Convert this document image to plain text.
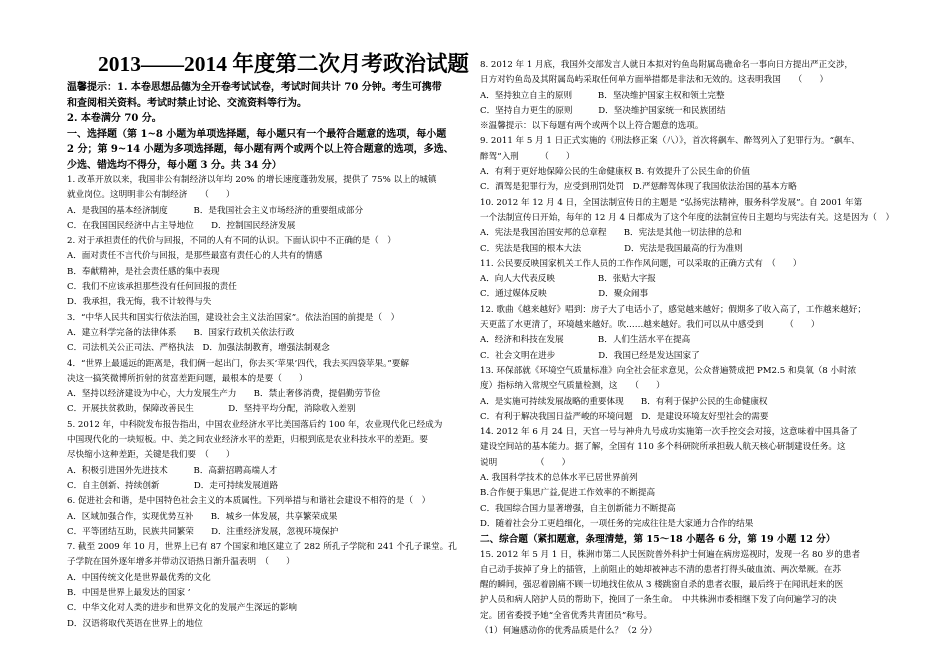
2013——2014 年度第二次月考政治试题
温馨提示：1. 本卷思想品德为全开卷考试试卷，考试时间共计 70 分钟。考生可携带
和查阅相关资料。考试时禁止讨论、交流资料等行为。
2. 本卷满分 70 分。
一、选择题（第 1~8 小题为单项选择题，每小题只有一个最符合题意的选项，每小题
2 分；第 9~14 小题为多项选择题，每小题有两个或两个以上符合题意的选项，多选、
少选、错选均不得分，每小题 3 分。共 34 分）
1. 改革开放以来，我国非公有制经济以年均 20% 的增长速度蓬勃发展，提供了 75% 以上的城镇
就业岗位。这明明非公有制经济　　（　　）
A．是我国的基本经济制度　　　B．是我国社会主义市场经济的重要组成部分
C．在我国国民经济中占主导地位　　D．控制国民经济发展
2. 对于承担责任的代价与回报，不同的人有不同的认识。下面认识中不正确的是（　）
A．面对责任不言代价与回报，是那些最富有责任心的人共有的情感
B．奉献精神，是社会责任感的集中表现
C．我们不应该承担那些没有任何回报的责任
D．我承担，我无悔，我不计较得与失
3．“中华人民共和国实行依法治国，建设社会主义法治国家”。依法治国的前提是（　）
A．建立科学完备的法律体系　　B．国家行政机关依法行政
C．司法机关公正司法、严格执法　D．加强法制教育，增强法制观念
4．“世界上最遥远的距离是，我们俩一起出门，你去买‘苹果’四代，我去买四袋苹果。”要解
决这一搞笑微博所折射的贫富差距问题，最根本的是要（　　）
A．坚持以经济建设为中心，大力发展生产力　　B．禁止奢侈消费，提倡勤劳节俭
C．开展扶贫救助，保障改善民生　　　　D．坚持平均分配，消除收入差别
5. 2012 年，中科院发布报告指出，中国农业经济水平比美国落后约 100 年，农业现代化已经成为
中国现代化的一块短板。中、美之间农业经济水平的差距，归根到底是农业科技水平的差距。要
尽快缩小这种差距，关键是我们要　（　　）
A．积极引进国外先进技术　　　B．高薪招聘高端人才
C．自主创新、持续创新　　　　D．走可持续发展道路
6. 促进社会和谐，是中国特色社会主义的本质属性。下列举措与和谐社会建设不相符的是（　）
A．区域加强合作，实现优势互补　　B．城乡一体发展，共享繁荣成果
C．平等团结互助，民族共同繁荣　　D．注重经济发展，忽视环境保护
7. 截至 2009 年 10 月，世界上已有 87 个国家和地区建立了 282 所孔子学院和 241 个孔子课堂。孔
子学院在国外逐年增多并带动汉语热日渐升温表明　（　　）
A．中国传统文化是世界最优秀的文化
B．中国是世界上最发达的国家 ’
C．中华文化对人类的进步和世界文化的发展产生深远的影响
D．汉语将取代英语在世界上的地位
8. 2012 年 1 月底，我国外交部发言人就日本拟对钓鱼岛附属岛礁命名一事向日方提出严正交涉，
日方对钓鱼岛及其附属岛屿采取任何单方面举措都是非法和无效的。这表明我国　　（　　）
A．坚持独立自主的原则　　　B．坚决维护国家主权和领土完整
C．坚持自力更生的原则　　　D．坚决维护国家统一和民族团结
※温馨提示：以下每题有两个或两个以上符合题意的选项。
9. 2011 年 5 月 1 日正式实施的《刑法修正案（八）》，首次将飙车、醉驾列入了犯罪行为。“飙车、
醉驾”入刑　　　（　　）
A．有利于更好地保障公民的生命健康权 B. 有效提升了公民生命的价值
C．酒驾是犯罪行为，应受到刑罚处罚　D.严惩醉驾体现了我国依法治国的基本方略
10. 2012 年 12 月 4 日，全国法制宣传日的主题是 “弘扬宪法精神，服务科学发展”。自 2001 年第
一个法制宣传日开始，每年的 12 月 4 日都成为了这个年度的法制宣传日主题均与宪法有关。这是因为（　）
A．宪法是我国治国安邦的总章程　　B．宪法是其他一切法律的总和
C．宪法是我国的根本大法　　　　　D．宪法是我国最高的行为准则
11. 公民要反映国家机关工作人员的工作作风问题，可以采取的正确方式有　（　　）
A．向人大代表反映　　　　　B．张贴大字报
C．通过媒体反映　　　　　　D．聚众闹事
12. 歌曲《越来越好》唱到：房子大了电话小了，感觉越来越好；假期多了收入高了，工作越来越好；
天更蓝了水更清了，环境越来越好。吹……越来越好。我们可以从中感受到　　　（　　）
A．经济和科技在发展　　　　B．人们生活水平在提高
C．社会文明在进步　　　　　D．我国已经是发达国家了
13. 环保部就《环境空气质量标准》向全社会征求意见，公众普遍赞成把 PM2.5 和臭氧（8 小时浓
度）指标纳入常规空气质量检测，这　　（　　）
A．是实施可持续发展战略的重要体现　　B．有利于保护公民的生命健康权
C．有利于解决我国日益严峻的环境问题　D．是建设环境友好型社会的需要
14. 2012 年 6 月 24 日，天宫一号与神舟九号成功实施第一次手控交会对接，这意味着中国具备了
建设空间站的基本能力。据了解，全国有 110 多个科研院所承担载人航天核心研制建设任务。这
说明　　　　　（　　）
A. 我国科学技术的总体水平已居世界前列
B.合作便于集思广益,促进工作效率的不断提高
C．我国综合国力显著增强，自主创新能力不断提高
D．随着社会分工更趋细化，一项任务的完成往往是大家通力合作的结果
二、综合题（紧扣题意，条理清楚，第 15～18 小题各 6 分，第 19 小题 12 分）
15. 2012 年 5 月 1 日，株洲市第二人民医院普外科护士何遍在病房巡视时，发现一名 80 岁的患者
自己动手拔掉了身上的插管，上前阻止的她却被神志不清的患者打得头破血流、两次晕厥。在苏
醒的瞬间，强忍着剧痛不顾一切地找住依从 3 楼跳窗自杀的患者衣服，最后终于在闻讯赶来的医
护人员和病人陪护人员的帮助下，挽回了一条生命。　中共株洲市委相继下发了向何遍学习的决
定。团省委授予她“全省优秀共青团员”称号。
（1）何遍感动你的优秀品质是什么？（2 分）
